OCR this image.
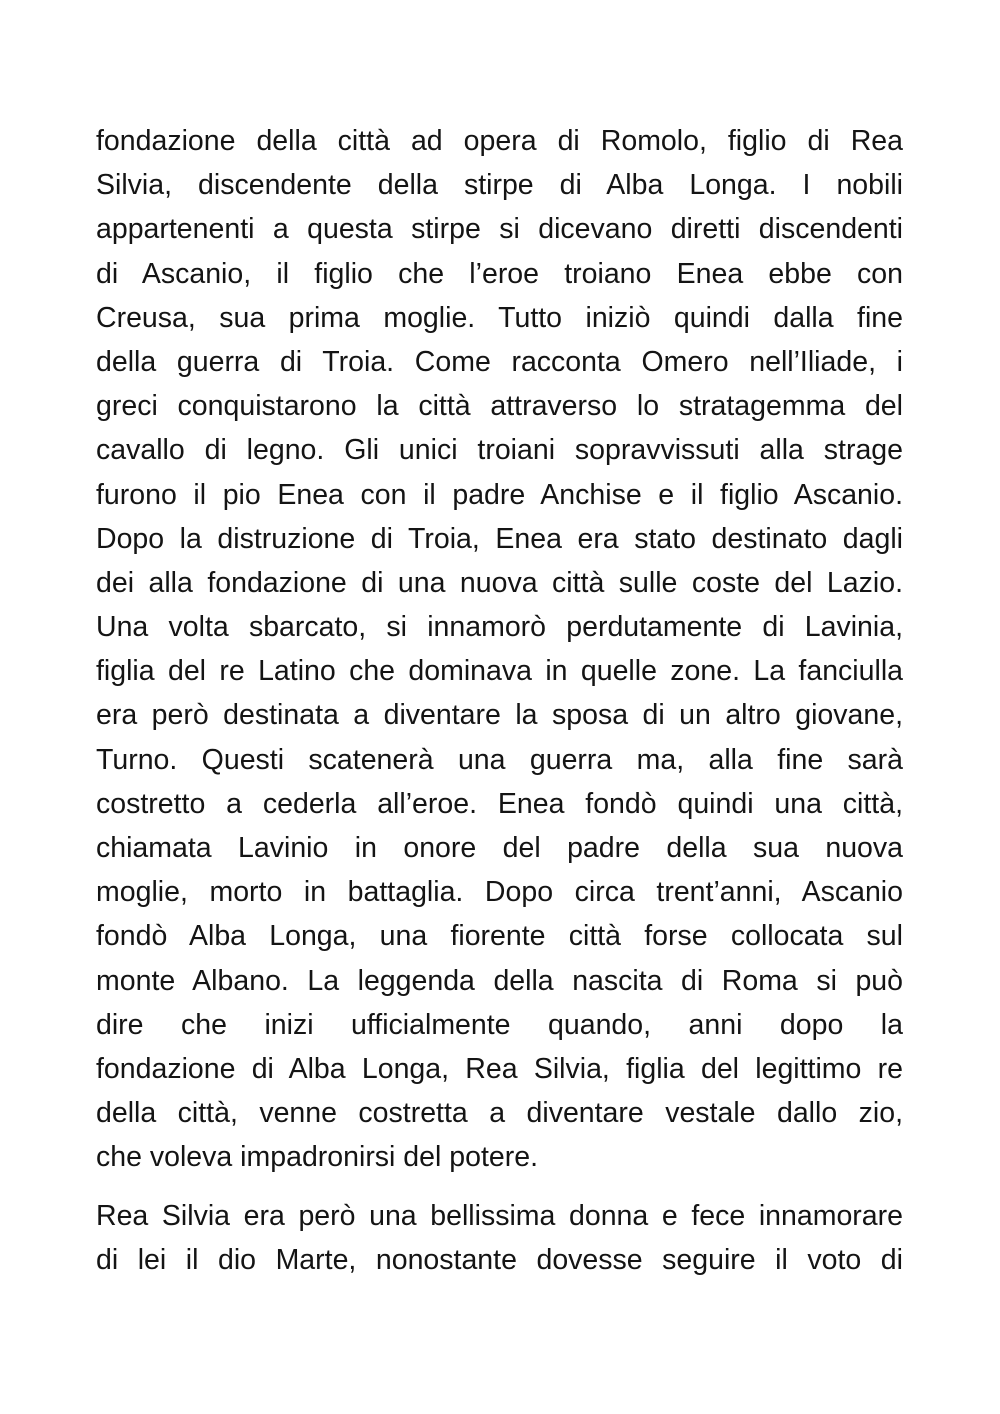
fondazione della città ad opera di Romolo, figlio di Rea
Silvia, discendente della stirpe di Alba Longa. I nobili
appartenenti a questa stirpe si dicevano diretti discendenti
di Ascanio, il figlio che l’eroe troiano Enea ebbe con
Creusa, sua prima moglie. Tutto iniziò quindi dalla fine
della guerra di Troia. Come racconta Omero nell’Iliade, i
greci conquistarono la città attraverso lo stratagemma del
cavallo di legno. Gli unici troiani sopravvissuti alla strage
furono il pio Enea con il padre Anchise e il figlio Ascanio.
Dopo la distruzione di Troia, Enea era stato destinato dagli
dei alla fondazione di una nuova città sulle coste del Lazio.
Una volta sbarcato, si innamorò perdutamente di Lavinia,
figlia del re Latino che dominava in quelle zone. La fanciulla
era però destinata a diventare la sposa di un altro giovane,
Turno. Questi scatenerà una guerra ma, alla fine sarà
costretto a cederla all’eroe. Enea fondò quindi una città,
chiamata Lavinio in onore del padre della sua nuova
moglie, morto in battaglia. Dopo circa trent’anni, Ascanio
fondò Alba Longa, una fiorente città forse collocata sul
monte Albano. La leggenda della nascita di Roma si può
dire che inizi ufficialmente quando, anni dopo la
fondazione di Alba Longa, Rea Silvia, figlia del legittimo re
della città, venne costretta a diventare vestale dallo zio,
che voleva impadronirsi del potere.
Rea Silvia era però una bellissima donna e fece innamorare
di lei il dio Marte, nonostante dovesse seguire il voto di
